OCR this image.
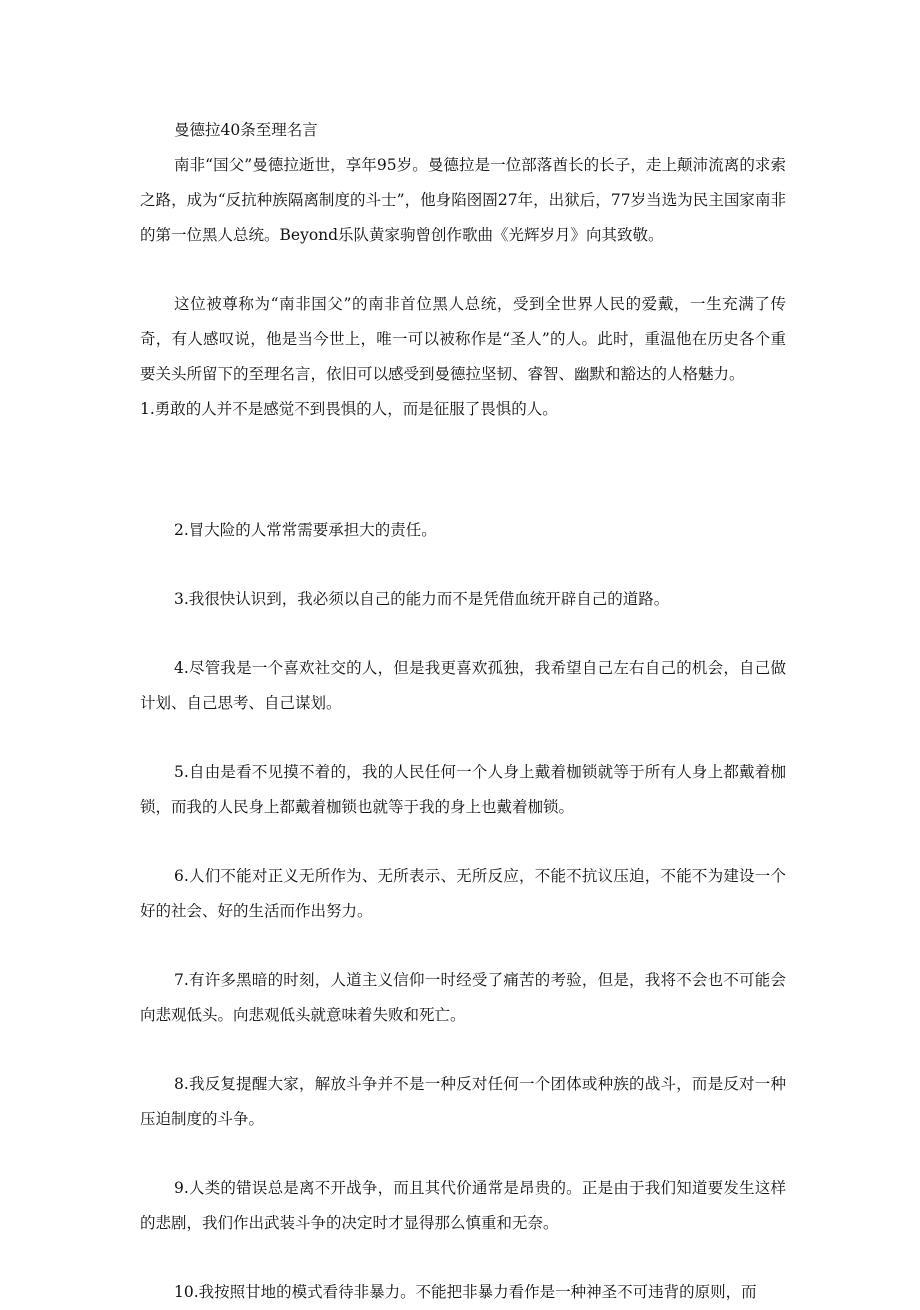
曼德拉40条至理名言

南非“国父”曼德拉逝世，享年95岁。曼德拉是一位部落酋长的长子，走上颠沛流离的求索之路，成为“反抗种族隔离制度的斗士”，他身陷囹圄27年，出狱后，77岁当选为民主国家南非的第一位黑人总统。Beyond乐队黄家驹曾创作歌曲《光辉岁月》向其致敬。

这位被尊称为“南非国父”的南非首位黑人总统，受到全世界人民的爱戴，一生充满了传奇，有人感叹说，他是当今世上，唯一可以被称作是“圣人”的人。此时，重温他在历史各个重要关头所留下的至理名言，依旧可以感受到曼德拉坚韧、睿智、幽默和豁达的人格魅力。

1.勇敢的人并不是感觉不到畏惧的人，而是征服了畏惧的人。

2.冒大险的人常常需要承担大的责任。

3.我很快认识到，我必须以自己的能力而不是凭借血统开辟自己的道路。

4.尽管我是一个喜欢社交的人，但是我更喜欢孤独，我希望自己左右自己的机会，自己做计划、自己思考、自己谋划。

5.自由是看不见摸不着的，我的人民任何一个人身上戴着枷锁就等于所有人身上都戴着枷锁，而我的人民身上都戴着枷锁也就等于我的身上也戴着枷锁。

6.人们不能对正义无所作为、无所表示、无所反应，不能不抗议压迫，不能不为建设一个好的社会、好的生活而作出努力。

7.有许多黑暗的时刻，人道主义信仰一时经受了痛苦的考验，但是，我将不会也不可能会向悲观低头。向悲观低头就意味着失败和死亡。

8.我反复提醒大家，解放斗争并不是一种反对任何一个团体或种族的战斗，而是反对一种压迫制度的斗争。

9.人类的错误总是离不开战争，而且其代价通常是昂贵的。正是由于我们知道要发生这样的悲剧，我们作出武装斗争的决定时才显得那么慎重和无奈。

10.我按照甘地的模式看待非暴力。不能把非暴力看作是一种神圣不可违背的原则，而
